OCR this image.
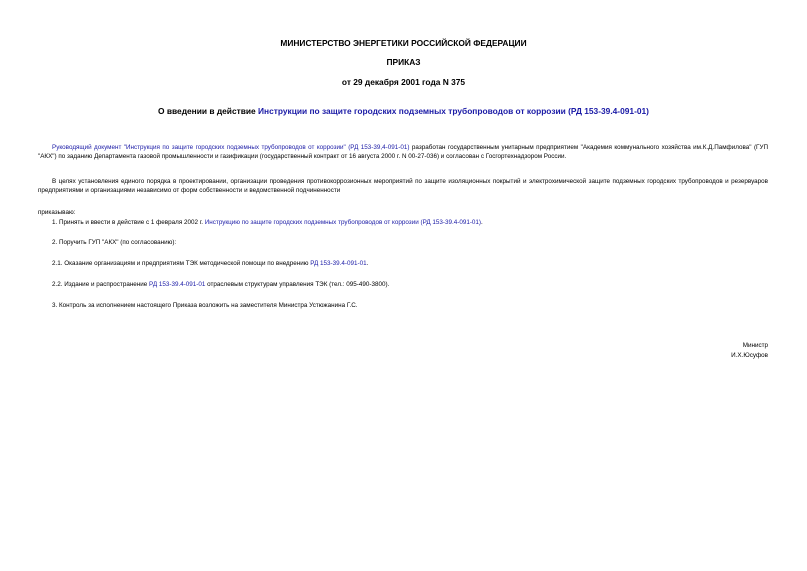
МИНИСТЕРСТВО ЭНЕРГЕТИКИ РОССИЙСКОЙ ФЕДЕРАЦИИ
ПРИКАЗ
от 29 декабря 2001 года N 375
О введении в действие Инструкции по защите городских подземных трубопроводов от коррозии (РД 153-39.4-091-01)
Руководящий документ "Инструкция по защите городских подземных трубопроводов от коррозии" (РД 153-39,4-091-01) разработан государственным унитарным предприятием "Академия коммунального хозяйства им.К.Д.Памфилова" (ГУП "АКХ") по заданию Департамента газовой промышленности и газификации (государственный контракт от 16 августа 2000 г. N 00-27-036) и согласован с Госгортехнадзором России.
В целях установления единого порядка в проектировании, организации проведения противокоррозионных мероприятий по защите изоляционных покрытий и электрохимической защите подземных городских трубопроводов и резервуаров предприятиями и организациями независимо от форм собственности и ведомственной подчиненности
приказываю:
1. Принять и ввести в действие с 1 февраля 2002 г. Инструкцию по защите городских подземных трубопроводов от коррозии (РД 153-39.4-091-01).
2. Поручить ГУП "АКХ" (по согласованию):
2.1. Оказание организациям и предприятиям ТЭК методической помощи по внедрению РД 153-39.4-091-01.
2.2. Издание и распространение РД 153-39.4-091-01 отраслевым структурам управления ТЭК (тел.: 095-490-3800).
3. Контроль за исполнением настоящего Приказа возложить на заместителя Министра Устюжанина Г.С.
Министр
И.Х.Юсуфов
